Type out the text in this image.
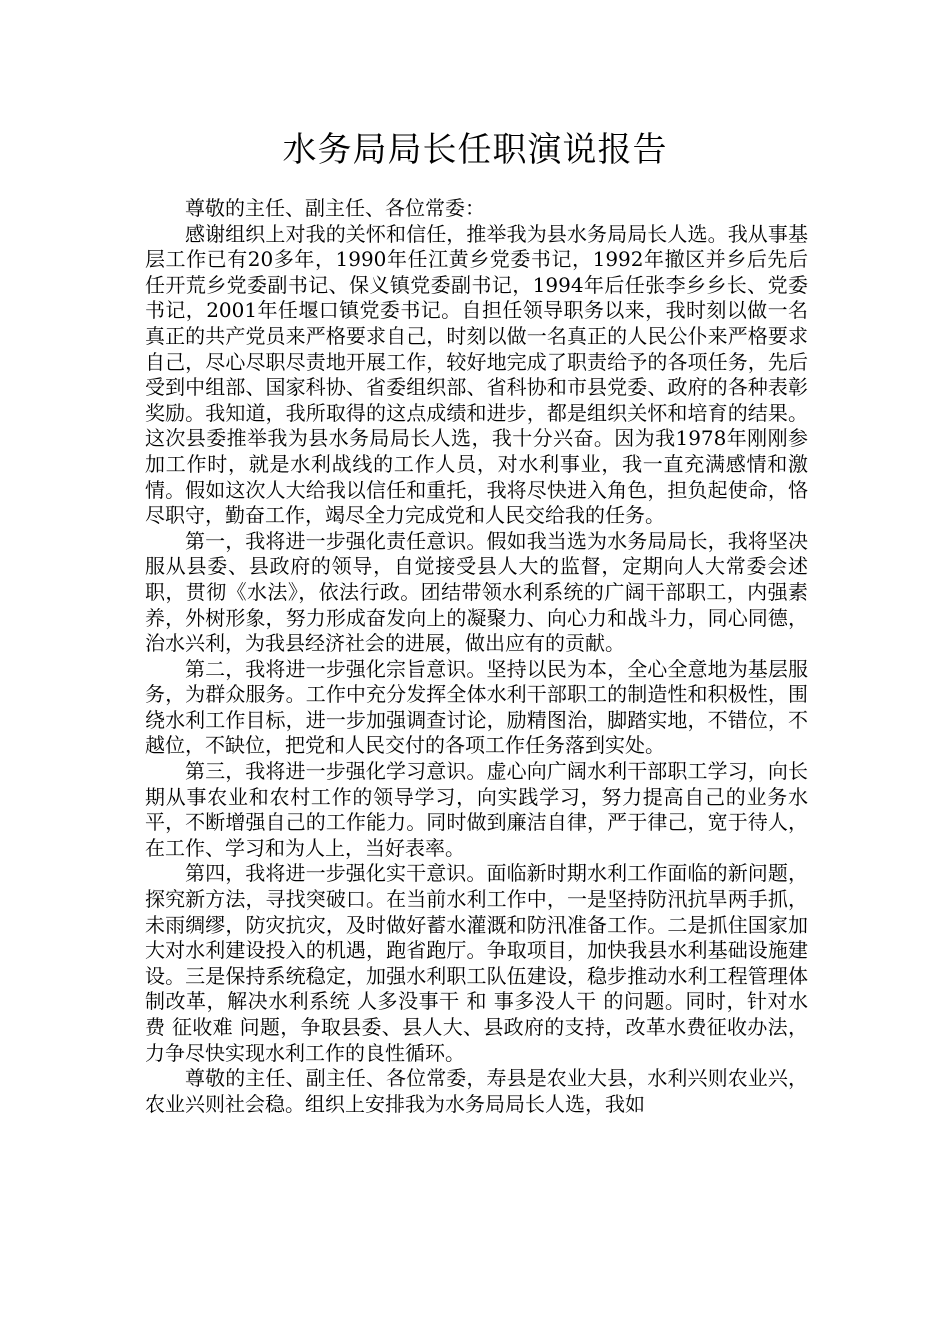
水务局局长任职演说报告

尊敬的主任、副主任、各位常委：

感谢组织上对我的关怀和信任，推举我为县水务局局长人选。我从事基层工作已有20多年，1990年任江黄乡党委书记，1992年撤区并乡后先后任开荒乡党委副书记、保义镇党委副书记，1994年后任张李乡乡长、党委书记，2001年任堰口镇党委书记。自担任领导职务以来，我时刻以做一名真正的共产党员来严格要求自己，时刻以做一名真正的人民公仆来严格要求自己，尽心尽职尽责地开展工作，较好地完成了职责给予的各项任务，先后受到中组部、国家科协、省委组织部、省科协和市县党委、政府的各种表彰奖励。我知道，我所取得的这点成绩和进步，都是组织关怀和培育的结果。这次县委推举我为县水务局局长人选，我十分兴奋。因为我1978年刚刚参加工作时，就是水利战线的工作人员，对水利事业，我一直充满感情和激情。假如这次人大给我以信任和重托，我将尽快进入角色，担负起使命，恪尽职守，勤奋工作，竭尽全力完成党和人民交给我的任务。

第一，我将进一步强化责任意识。假如我当选为水务局局长，我将坚决服从县委、县政府的领导，自觉接受县人大的监督，定期向人大常委会述职，贯彻《水法》，依法行政。团结带领水利系统的广阔干部职工，内强素养，外树形象，努力形成奋发向上的凝聚力、向心力和战斗力，同心同德，治水兴利，为我县经济社会的进展，做出应有的贡献。

第二，我将进一步强化宗旨意识。坚持以民为本，全心全意地为基层服务，为群众服务。工作中充分发挥全体水利干部职工的制造性和积极性，围绕水利工作目标，进一步加强调查讨论，励精图治，脚踏实地，不错位，不越位，不缺位，把党和人民交付的各项工作任务落到实处。

第三，我将进一步强化学习意识。虚心向广阔水利干部职工学习，向长期从事农业和农村工作的领导学习，向实践学习，努力提高自己的业务水平，不断增强自己的工作能力。同时做到廉洁自律，严于律己，宽于待人，在工作、学习和为人上，当好表率。

第四，我将进一步强化实干意识。面临新时期水利工作面临的新问题，探究新方法，寻找突破口。在当前水利工作中，一是坚持防汛抗旱两手抓，未雨绸缪，防灾抗灾，及时做好蓄水灌溉和防汛准备工作。二是抓住国家加大对水利建设投入的机遇，跑省跑厅。争取项目，加快我县水利基础设施建设。三是保持系统稳定，加强水利职工队伍建设，稳步推动水利工程管理体制改革，解决水利系统 人多没事干 和 事多没人干 的问题。同时，针对水费 征收难 问题，争取县委、县人大、县政府的支持，改革水费征收办法，力争尽快实现水利工作的良性循环。

尊敬的主任、副主任、各位常委，寿县是农业大县，水利兴则农业兴，农业兴则社会稳。组织上安排我为水务局局长人选，我如
